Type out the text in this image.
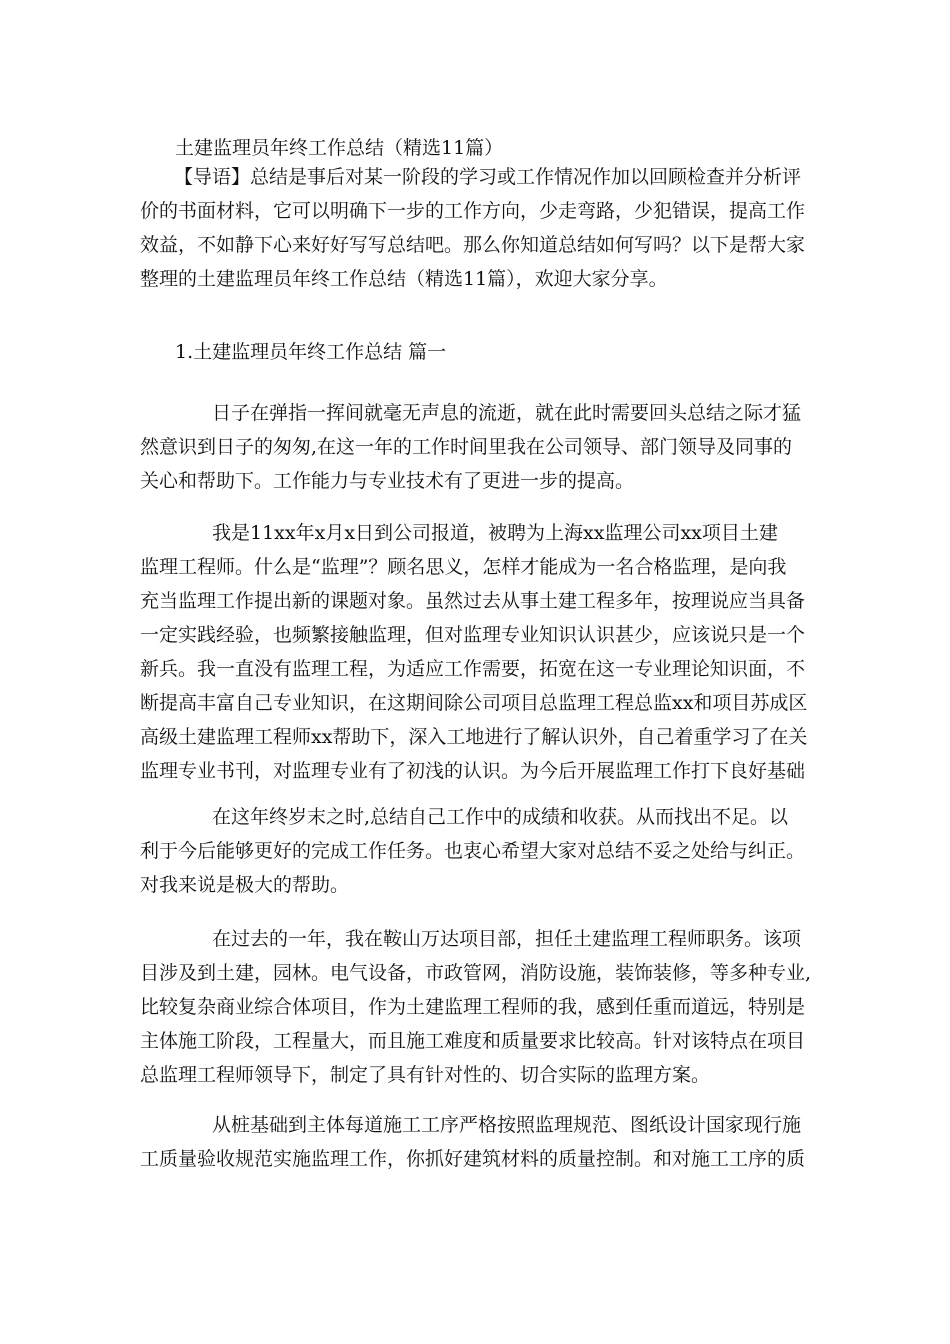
土建监理员年终工作总结（精选11篇）
【导语】总结是事后对某一阶段的学习或工作情况作加以回顾检查并分析评
价的书面材料，它可以明确下一步的工作方向，少走弯路，少犯错误，提高工作
效益，不如静下心来好好写写总结吧。那么你知道总结如何写吗？以下是帮大家
整理的土建监理员年终工作总结（精选11篇），欢迎大家分享。
1.土建监理员年终工作总结 篇一
日子在弹指一挥间就毫无声息的流逝，就在此时需要回头总结之际才猛
然意识到日子的匆匆,在这一年的工作时间里我在公司领导、部门领导及同事的
关心和帮助下。工作能力与专业技术有了更进一步的提高。
我是11xx年x月x日到公司报道，被聘为上海xx监理公司xx项目土建
监理工程师。什么是“监理”？顾名思义，怎样才能成为一名合格监理，是向我
充当监理工作提出新的课题对象。虽然过去从事土建工程多年，按理说应当具备
一定实践经验，也频繁接触监理，但对监理专业知识认识甚少，应该说只是一个
新兵。我一直没有监理工程，为适应工作需要，拓宽在这一专业理论知识面，不
断提高丰富自己专业知识，在这期间除公司项目总监理工程总监xx和项目苏成区
高级土建监理工程师xx帮助下，深入工地进行了解认识外，自己着重学习了在关
监理专业书刊，对监理专业有了初浅的认识。为今后开展监理工作打下良好基础
在这年终岁末之时,总结自己工作中的成绩和收获。从而找出不足。以
利于今后能够更好的完成工作任务。也衷心希望大家对总结不妥之处给与纠正。
对我来说是极大的帮助。
在过去的一年，我在鞍山万达项目部，担任土建监理工程师职务。该项
目涉及到土建，园林。电气设备，市政管网，消防设施，装饰装修，等多种专业,
比较复杂商业综合体项目，作为土建监理工程师的我，感到任重而道远，特别是
主体施工阶段，工程量大，而且施工难度和质量要求比较高。针对该特点在项目
总监理工程师领导下，制定了具有针对性的、切合实际的监理方案。
从桩基础到主体每道施工工序严格按照监理规范、图纸设计国家现行施
工质量验收规范实施监理工作，你抓好建筑材料的质量控制。和对施工工序的质
